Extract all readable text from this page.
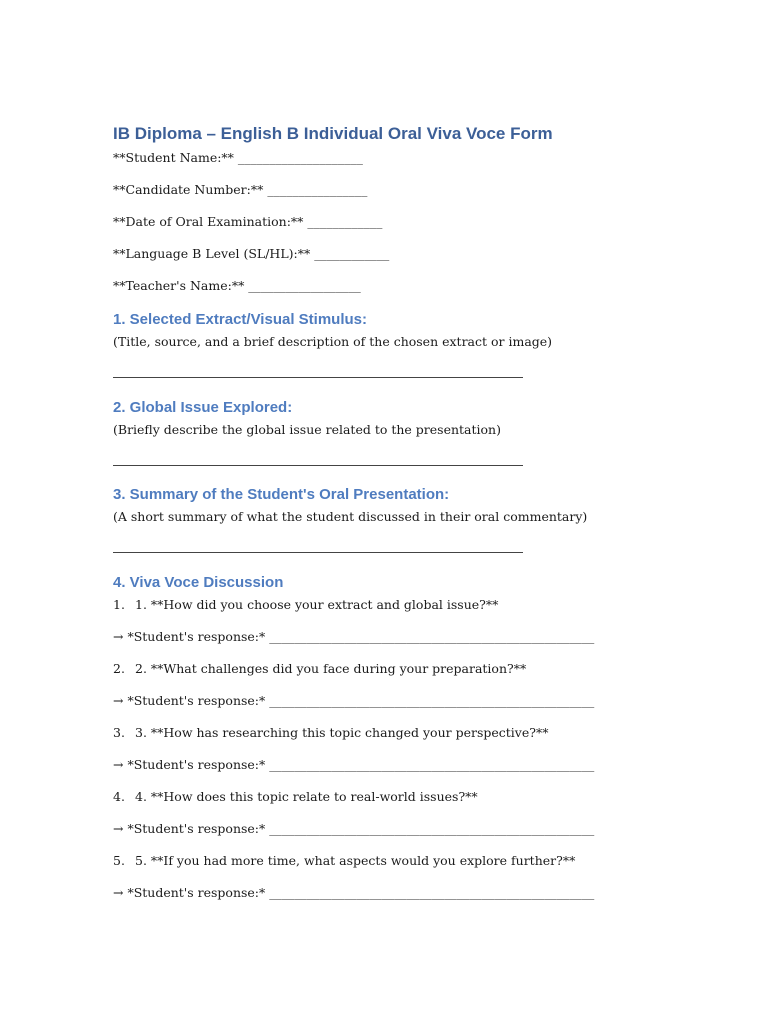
IB Diploma – English B Individual Oral Viva Voce Form

**Student Name:** ____________________

**Candidate Number:** ________________

**Date of Oral Examination:** ____________

**Language B Level (SL/HL):** ____________

**Teacher's Name:** __________________

1. Selected Extract/Visual Stimulus:

(Title, source, and a brief description of the chosen extract or image)

2. Global Issue Explored:

(Briefly describe the global issue related to the presentation)

3. Summary of the Student's Oral Presentation:

(A short summary of what the student discussed in their oral commentary)

4. Viva Voce Discussion

1. 1. **How did you choose your extract and global issue?**

→ *Student's response:* ____________________________________________________

2. 2. **What challenges did you face during your preparation?**

→ *Student's response:* ____________________________________________________

3. 3. **How has researching this topic changed your perspective?**

→ *Student's response:* ____________________________________________________

4. 4. **How does this topic relate to real-world issues?**

→ *Student's response:* ____________________________________________________

5. 5. **If you had more time, what aspects would you explore further?**

→ *Student's response:* ____________________________________________________
